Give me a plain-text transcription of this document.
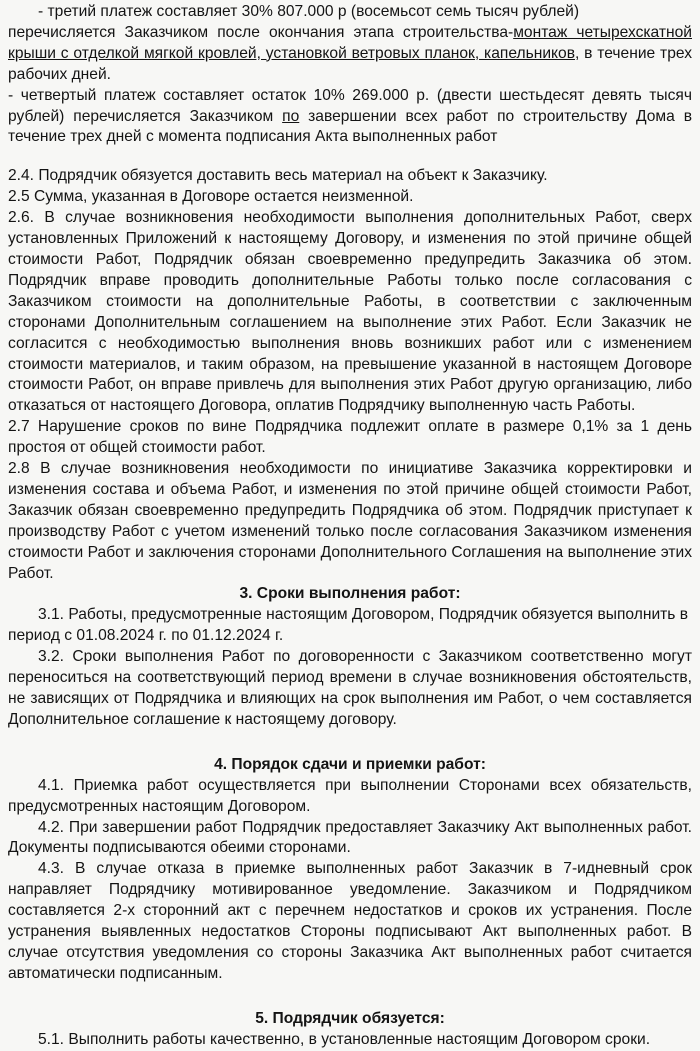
- третий платеж составляет 30% 807.000 р (восемьсот семь тысяч рублей)

перечисляется Заказчиком после окончания этапа строительства-монтаж четырехскатной крыши с отделкой мягкой кровлей, установкой ветровых планок, капельников, в течение трех рабочих дней.

- четвертый платеж составляет остаток 10% 269.000 р. (двести шестьдесят девять тысяч рублей) перечисляется Заказчиком по завершении всех работ по строительству Дома в течение трех дней с момента подписания Акта выполненных работ

2.4. Подрядчик обязуется доставить весь материал на объект к Заказчику.

2.5 Сумма, указанная в Договоре остается неизменной.

2.6. В случае возникновения необходимости выполнения дополнительных Работ, сверх установленных Приложений к настоящему Договору, и изменения по этой причине общей стоимости Работ, Подрядчик обязан своевременно предупредить Заказчика об этом. Подрядчик вправе проводить дополнительные Работы только после согласования с Заказчиком стоимости на дополнительные Работы, в соответствии с заключенным сторонами Дополнительным соглашением на выполнение этих Работ. Если Заказчик не согласится с необходимостью выполнения вновь возникших работ или с изменением стоимости материалов, и таким образом, на превышение указанной в настоящем Договоре стоимости Работ, он вправе привлечь для выполнения этих Работ другую организацию, либо отказаться от настоящего Договора, оплатив Подрядчику выполненную часть Работы.

2.7 Нарушение сроков по вине Подрядчика подлежит оплате в размере 0,1% за 1 день простоя от общей стоимости работ.

2.8 В случае возникновения необходимости по инициативе Заказчика корректировки и изменения состава и объема Работ, и изменения по этой причине общей стоимости Работ, Заказчик обязан своевременно предупредить Подрядчика об этом. Подрядчик приступает к производству Работ с учетом изменений только после согласования Заказчиком изменения стоимости Работ и заключения сторонами Дополнительного Соглашения на выполнение этих Работ.

3. Сроки выполнения работ:

3.1. Работы, предусмотренные настоящим Договором, Подрядчик обязуется выполнить в период с 01.08.2024 г. по 01.12.2024 г.

3.2. Сроки выполнения Работ по договоренности с Заказчиком соответственно могут переноситься на соответствующий период времени в случае возникновения обстоятельств, не зависящих от Подрядчика и влияющих на срок выполнения им Работ, о чем составляется Дополнительное соглашение к настоящему договору.

4. Порядок сдачи и приемки работ:

4.1. Приемка работ осуществляется при выполнении Сторонами всех обязательств, предусмотренных настоящим Договором.

4.2. При завершении работ Подрядчик предоставляет Заказчику Акт выполненных работ. Документы подписываются обеими сторонами.

4.3. В случае отказа в приемке выполненных работ Заказчик в 7-идневный срок направляет Подрядчику мотивированное уведомление. Заказчиком и Подрядчиком составляется 2-х сторонний акт с перечнем недостатков и сроков их устранения. После устранения выявленных недостатков Стороны подписывают Акт выполненных работ. В случае отсутствия уведомления со стороны Заказчика Акт выполненных работ считается автоматически подписанным.

5. Подрядчик обязуется:

5.1. Выполнить работы качественно, в установленные настоящим Договором сроки.
